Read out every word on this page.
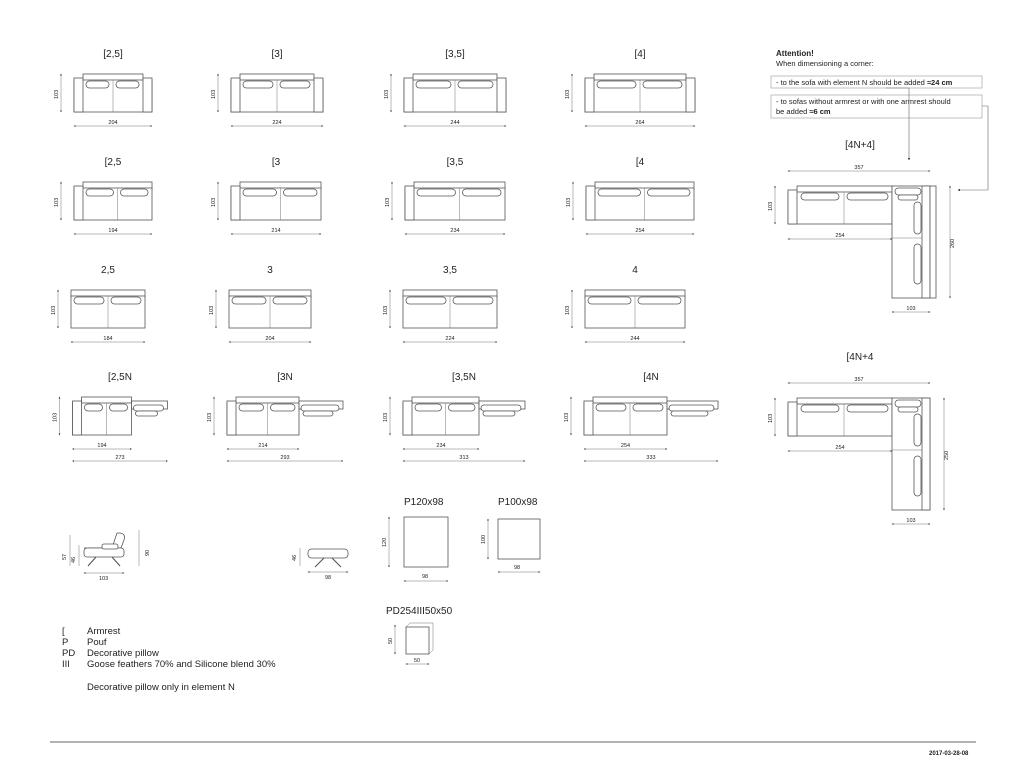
[2,5]
103
204
[3]
103
224
[3,5]
103
244
[4]
103
264
[2,5
103
194
[3
103
214
[3,5
103
234
[4
103
254
2,5
103
184
3
103
204
3,5
103
224
4
103
244
[2,5N
103
194
273
[3N
103
214
293
[3,5N
103
234
313
[4N
103
254
333
Attention!
When dimensioning a corner:
- to the sofa with element N should be added ≈24 cm
- to sofas without armrest or with one armrest should
be added ≈6 cm
[4N+4]
357
103
254
260
103
[4N+4
357
103
254
250
103
57 46
90
103
46
98
P120x98
120
98
P100x98
100
98
PD254III50x50
50
50
[ Armrest
P Pouf
PD Decorative pillow
III Goose feathers 70% and Silicone blend 30%
Decorative pillow only in element N
2017-03-28-08
